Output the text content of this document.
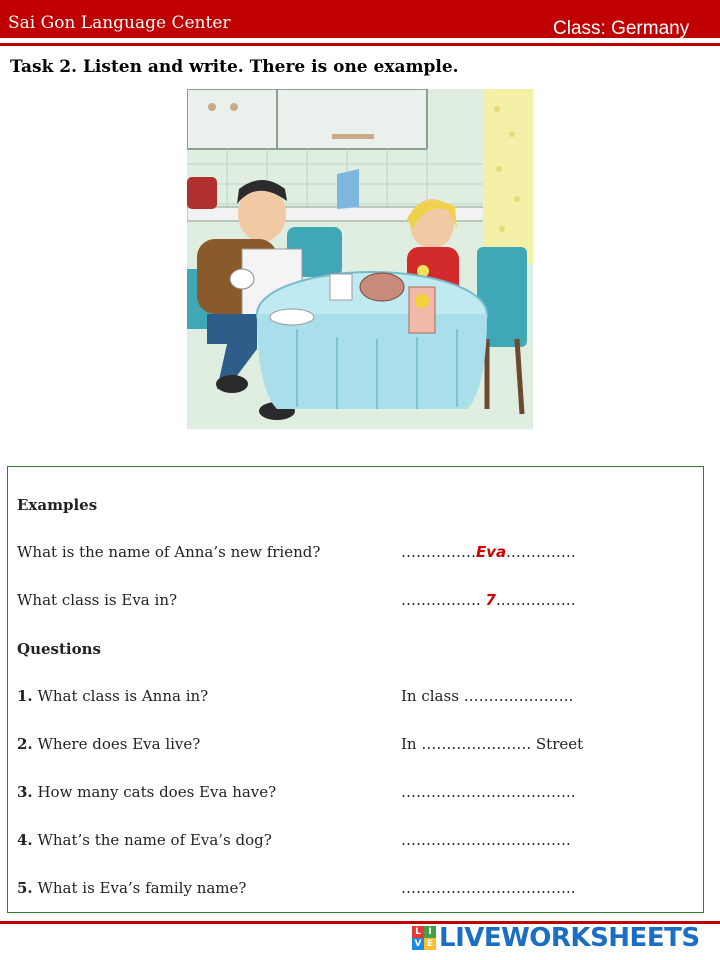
Sai Gon Language Center	Class: Germany
Task 2. Listen and write. There is one example.
Examples
What is the name of Anna’s new friend?	……………Eva.………….
What class is Eva in?	……………. 7.……………
Questions
1. What class is Anna in?	In class ………………….
2. Where does Eva live?	In …………………. Street
3. How many cats does Eva have?	……………………………..
4. What’s the name of Eva’s dog?	…………………………….
5. What is Eva’s family name?	……………………………..
L I
V E LIVEWORKSHEETS
